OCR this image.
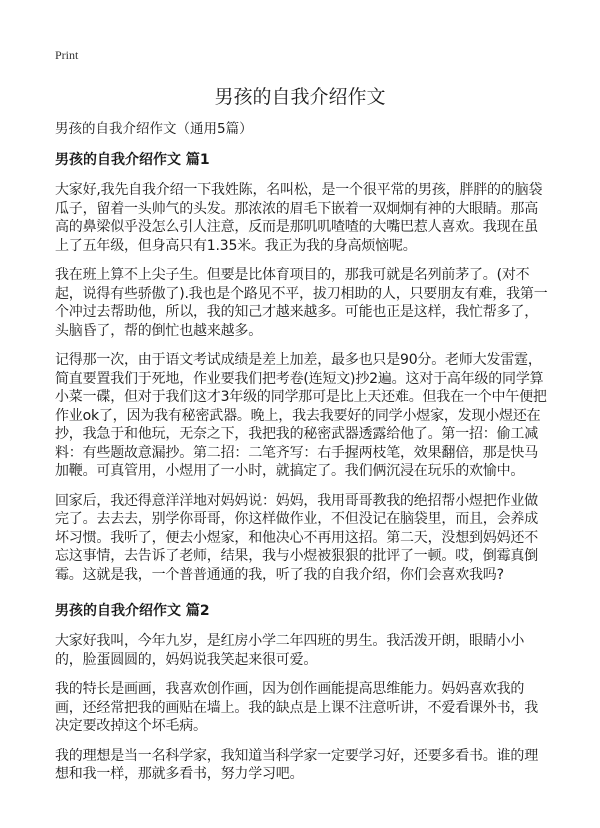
Print
男孩的自我介绍作文
男孩的自我介绍作文（通用5篇）
男孩的自我介绍作文 篇1

大家好,我先自我介绍一下我姓陈，名叫松，是一个很平常的男孩，胖胖的的脑袋瓜子，留着一头帅气的头发。那浓浓的眉毛下嵌着一双炯炯有神的大眼睛。那高高的鼻梁似乎没怎么引人注意，反而是那叽叽喳喳的大嘴巴惹人喜欢。我现在虽上了五年级，但身高只有1.35米。我正为我的身高烦恼呢。

我在班上算不上尖子生。但要是比体育项目的，那我可就是名列前茅了。(对不起，说得有些骄傲了).我也是个路见不平，拔刀相助的人，只要朋友有难，我第一个冲过去帮助他，所以，我的知己才越来越多。可能也正是这样，我忙帮多了，头脑昏了，帮的倒忙也越来越多。

记得那一次，由于语文考试成绩是差上加差，最多也只是90分。老师大发雷霆，简直要置我们于死地，作业要我们把考卷(连短文)抄2遍。这对于高年级的同学算小菜一碟，但对于我们这才3年级的同学那可是比上天还难。但我在一个中午便把作业ok了，因为我有秘密武器。晚上，我去我要好的同学小煜家，发现小煜还在抄，我急于和他玩，无奈之下，我把我的秘密武器透露给他了。第一招：偷工减料：有些题故意漏抄。第二招：二笔齐写：右手握两枝笔，效果翻倍，那是快马加鞭。可真管用，小煜用了一小时，就搞定了。我们俩沉浸在玩乐的欢愉中。

回家后，我还得意洋洋地对妈妈说：妈妈，我用哥哥教我的绝招帮小煜把作业做完了。去去去，别学你哥哥，你这样做作业，不但没记在脑袋里，而且，会养成坏习惯。我听了，便去小煜家，和他决心不再用这招。第二天，没想到妈妈还不忘这事情，去告诉了老师，结果，我与小煜被狠狠的批评了一顿。哎，倒霉真倒霉。这就是我，一个普普通通的我，听了我的自我介绍，你们会喜欢我吗?

男孩的自我介绍作文 篇2

大家好我叫，今年九岁，是红房小学二年四班的男生。我活泼开朗，眼睛小小的，脸蛋圆圆的，妈妈说我笑起来很可爱。

我的特长是画画，我喜欢创作画，因为创作画能提高思维能力。妈妈喜欢我的画，还经常把我的画贴在墙上。我的缺点是上课不注意听讲，不爱看课外书，我决定要改掉这个坏毛病。

我的理想是当一名科学家，我知道当科学家一定要学习好，还要多看书。谁的理想和我一样，那就多看书，努力学习吧。
